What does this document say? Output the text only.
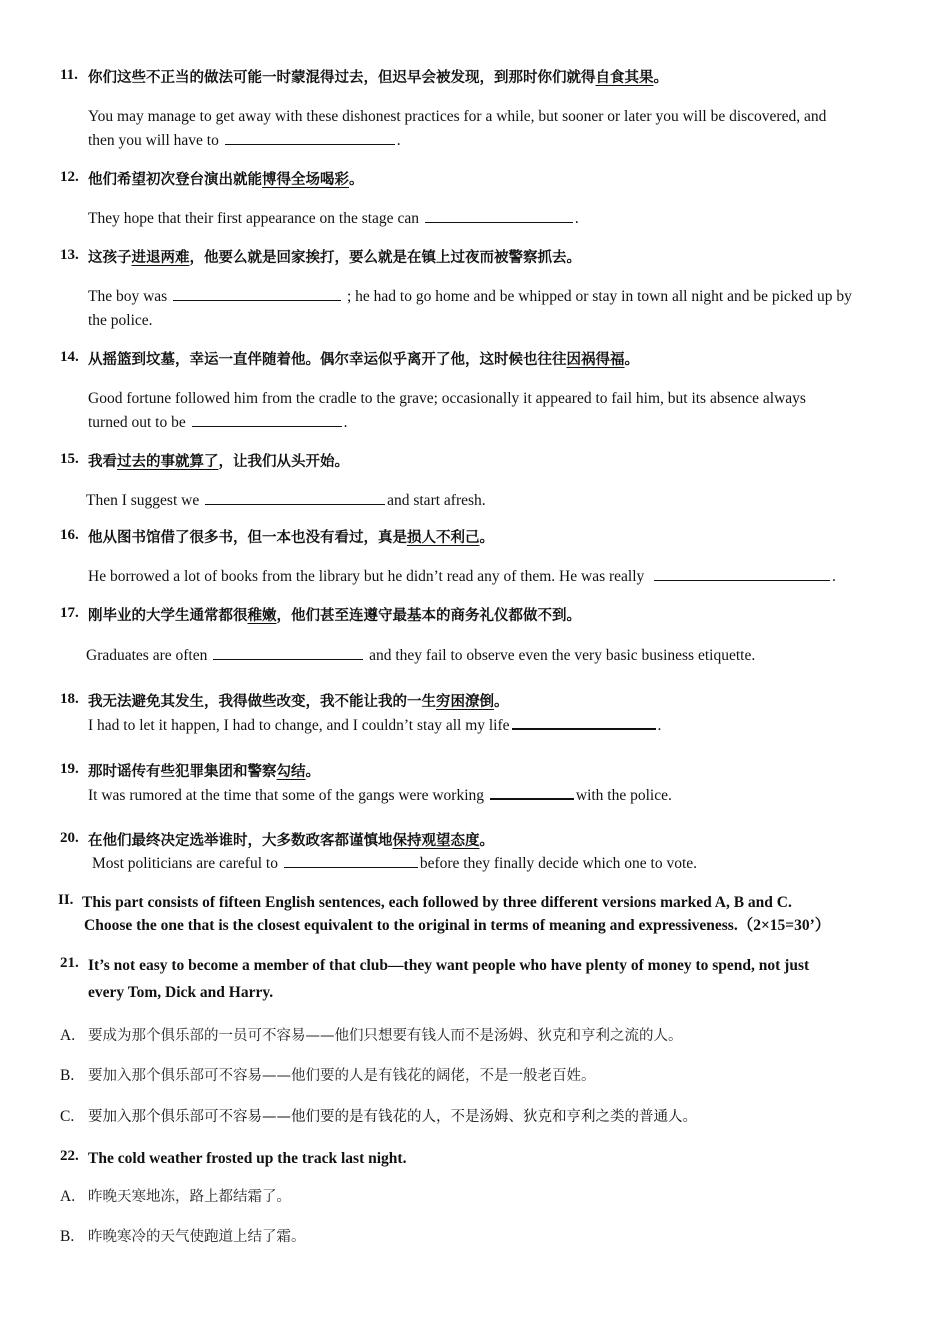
11. 你们这些不正当的做法可能一时蒙混得过去，但迟早会被发现，到那时你们就得自食其果。
You may manage to get away with these dishonest practices for a while, but sooner or later you will be discovered, and
then you will have to	.
12. 他们希望初次登台演出就能博得全场喝彩。
They hope that their first appearance on the stage can	.
13. 这孩子进退两难，他要么就是回家挨打，要么就是在镇上过夜而被警察抓去。
The boy was	; he had to go home and be whipped or stay in town all night and be picked up by
the police.
14. 从摇篮到坟墓，幸运一直伴随着他。偶尔幸运似乎离开了他，这时候也往往因祸得福。
Good fortune followed him from the cradle to the grave; occasionally it appeared to fail him, but its absence always
turned out to be	.
15. 我看过去的事就算了，让我们从头开始。
Then I suggest we	and start afresh.
16. 他从图书馆借了很多书，但一本也没有看过，真是损人不利己。
He borrowed a lot of books from the library but he didn’t read any of them. He was really	.
17. 刚毕业的大学生通常都很稚嫩，他们甚至连遵守最基本的商务礼仪都做不到。
Graduates are often	and they fail to observe even the very basic business etiquette.
18. 我无法避免其发生，我得做些改变，我不能让我的一生穷困潦倒。
I had to let it happen, I had to change, and I couldn’t stay all my life	.
19. 那时谣传有些犯罪集团和警察勾结。
It was rumored at the time that some of the gangs were working	with the police.
20. 在他们最终决定选举谁时，大多数政客都谨慎地保持观望态度。
Most politicians are careful to	before they finally decide which one to vote.
II. This part consists of fifteen English sentences, each followed by three different versions marked A, B and C.
Choose the one that is the closest equivalent to the original in terms of meaning and expressiveness.（2×15=30’）
21. It’s not easy to become a member of that club—they want people who have plenty of money to spend, not just
every Tom, Dick and Harry.
A. 要成为那个俱乐部的一员可不容易——他们只想要有钱人而不是汤姆、狄克和亨利之流的人。
B. 要加入那个俱乐部可不容易——他们要的人是有钱花的阔佬，不是一般老百姓。
C. 要加入那个俱乐部可不容易——他们要的是有钱花的人，不是汤姆、狄克和亨利之类的普通人。
22. The cold weather frosted up the track last night.
A. 昨晚天寒地冻，路上都结霜了。
B. 昨晚寒冷的天气使跑道上结了霜。
